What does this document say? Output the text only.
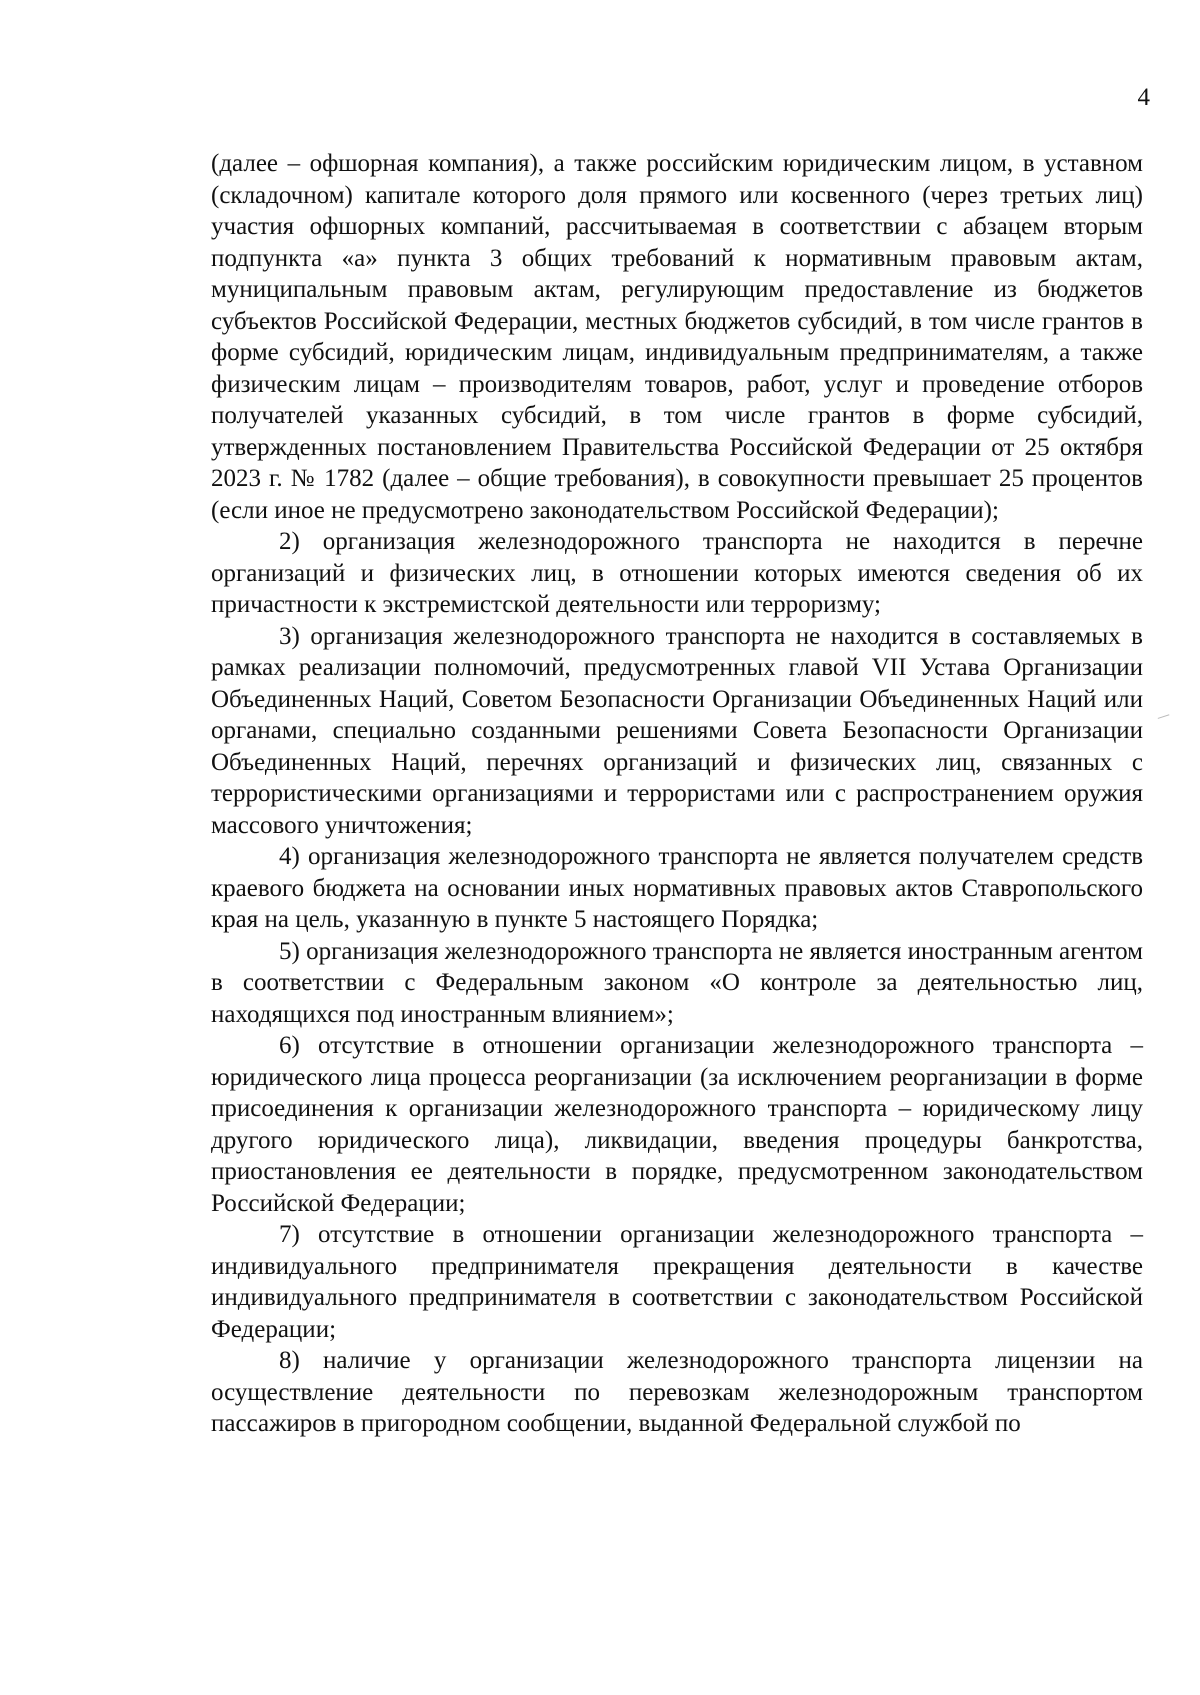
4

(далее – офшорная компания), а также российским юридическим лицом, в уставном (складочном) капитале которого доля прямого или косвенного (через третьих лиц) участия офшорных компаний, рассчитываемая в соответствии с абзацем вторым подпункта «а» пункта 3 общих требований к нормативным правовым актам, муниципальным правовым актам, регулирующим предоставление из бюджетов субъектов Российской Федерации, местных бюджетов субсидий, в том числе грантов в форме субсидий, юридическим лицам, индивидуальным предпринимателям, а также физическим лицам – производителям товаров, работ, услуг и проведение отборов получателей указанных субсидий, в том числе грантов в форме субсидий, утвержденных постановлением Правительства Российской Федерации от 25 октября 2023 г. № 1782 (далее – общие требования), в совокупности превышает 25 процентов (если иное не предусмотрено законодательством Российской Федерации);

2) организация железнодорожного транспорта не находится в перечне организаций и физических лиц, в отношении которых имеются сведения об их причастности к экстремистской деятельности или терроризму;

3) организация железнодорожного транспорта не находится в составляемых в рамках реализации полномочий, предусмотренных главой VII Устава Организации Объединенных Наций, Советом Безопасности Организации Объединенных Наций или органами, специально созданными решениями Совета Безопасности Организации Объединенных Наций, перечнях организаций и физических лиц, связанных с террористическими организациями и террористами или с распространением оружия массового уничтожения;

4) организация железнодорожного транспорта не является получателем средств краевого бюджета на основании иных нормативных правовых актов Ставропольского края на цель, указанную в пункте 5 настоящего Порядка;

5) организация железнодорожного транспорта не является иностранным агентом в соответствии с Федеральным законом «О контроле за деятельностью лиц, находящихся под иностранным влиянием»;

6) отсутствие в отношении организации железнодорожного транспорта – юридического лица процесса реорганизации (за исключением реорганизации в форме присоединения к организации железнодорожного транспорта – юридическому лицу другого юридического лица), ликвидации, введения процедуры банкротства, приостановления ее деятельности в порядке, предусмотренном законодательством Российской Федерации;

7) отсутствие в отношении организации железнодорожного транспорта – индивидуального предпринимателя прекращения деятельности в качестве индивидуального предпринимателя в соответствии с законодательством Российской Федерации;

8) наличие у организации железнодорожного транспорта лицензии на осуществление деятельности по перевозкам железнодорожным транспортом пассажиров в пригородном сообщении, выданной Федеральной службой по
